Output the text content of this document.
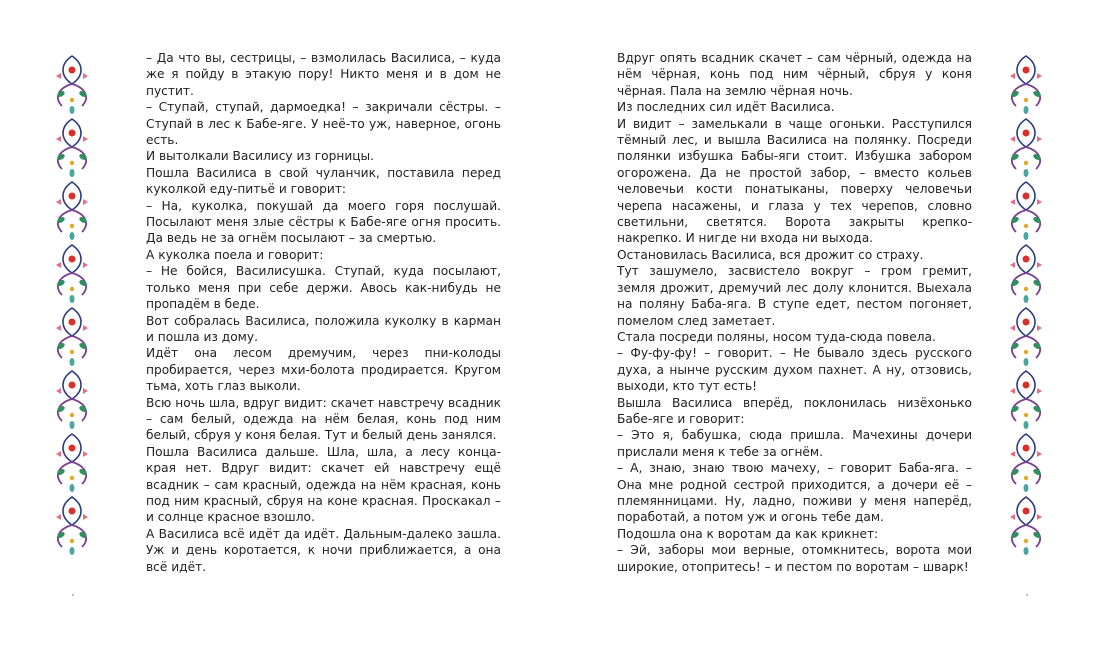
– Да что вы, сестрицы, – взмолилась Василиса, – куда же я пойду в этакую пору! Никто меня и в дом не пустит.

– Ступай, ступай, дармоедка! – закричали сёстры. – Ступай в лес к Бабе-яге. У неё-то уж, наверное, огонь есть.

И вытолкали Василису из горницы.

Пошла Василиса в свой чуланчик, поставила перед куколкой еду-питьё и говорит:

– На, куколка, покушай да моего горя послушай. Посылают меня злые сёстры к Бабе-яге огня просить. Да ведь не за огнём посылают – за смертью.

А куколка поела и говорит:

– Не бойся, Василисушка. Ступай, куда посылают, только меня при себе держи. Авось как-нибудь не пропадём в беде.

Вот собралась Василиса, положила куколку в карман и пошла из дому.

Идёт она лесом дремучим, через пни-колоды пробирается, через мхи-болота продирается. Кругом тьма, хоть глаз выколи.

Всю ночь шла, вдруг видит: скачет навстречу всадник – сам белый, одежда на нём белая, конь под ним белый, сбруя у коня белая. Тут и белый день занялся.

Пошла Василиса дальше. Шла, шла, а лесу конца-края нет. Вдруг видит: скачет ей навстречу ещё всадник – сам красный, одежда на нём красная, конь под ним красный, сбруя на коне красная. Проскакал – и солнце красное взошло.

А Василиса всё идёт да идёт. Дальным-далеко зашла. Уж и день коротается, к ночи приближается, а она всё идёт.

Вдруг опять всадник скачет – сам чёрный, одежда на нём чёрная, конь под ним чёрный, сбруя у коня чёрная. Пала на землю чёрная ночь.

Из последних сил идёт Василиса.

И видит – замелькали в чаще огоньки. Расступился тёмный лес, и вышла Василиса на полянку. Посреди полянки избушка Бабы-яги стоит. Избушка забором огорожена. Да не простой забор, – вместо кольев человечьи кости понатыканы, поверху человечьи черепа насажены, и глаза у тех черепов, словно светильни, светятся. Ворота закрыты крепко-накрепко. И нигде ни входа ни выхода.

Остановилась Василиса, вся дрожит со страху.

Тут зашумело, засвистело вокруг – гром гремит, земля дрожит, дремучий лес долу клонится. Выехала на поляну Баба-яга. В ступе едет, пестом погоняет, помелом след заметает.

Стала посреди поляны, носом туда-сюда повела.

– Фу-фу-фу! – говорит. – Не бывало здесь русского духа, а нынче русским духом пахнет. А ну, отзовись, выходи, кто тут есть!

Вышла Василиса вперёд, поклонилась низёхонько Бабе-яге и говорит:

– Это я, бабушка, сюда пришла. Мачехины дочери прислали меня к тебе за огнём.

– А, знаю, знаю твою мачеху, – говорит Баба-яга. – Она мне родной сестрой приходится, а дочери её – племянницами. Ну, ладно, поживи у меня наперёд, поработай, а потом уж и огонь тебе дам.

Подошла она к воротам да как крикнет:

– Эй, заборы мои верные, отомкнитесь, ворота мои широкие, отопритесь! – и пестом по воротам – шварк!
